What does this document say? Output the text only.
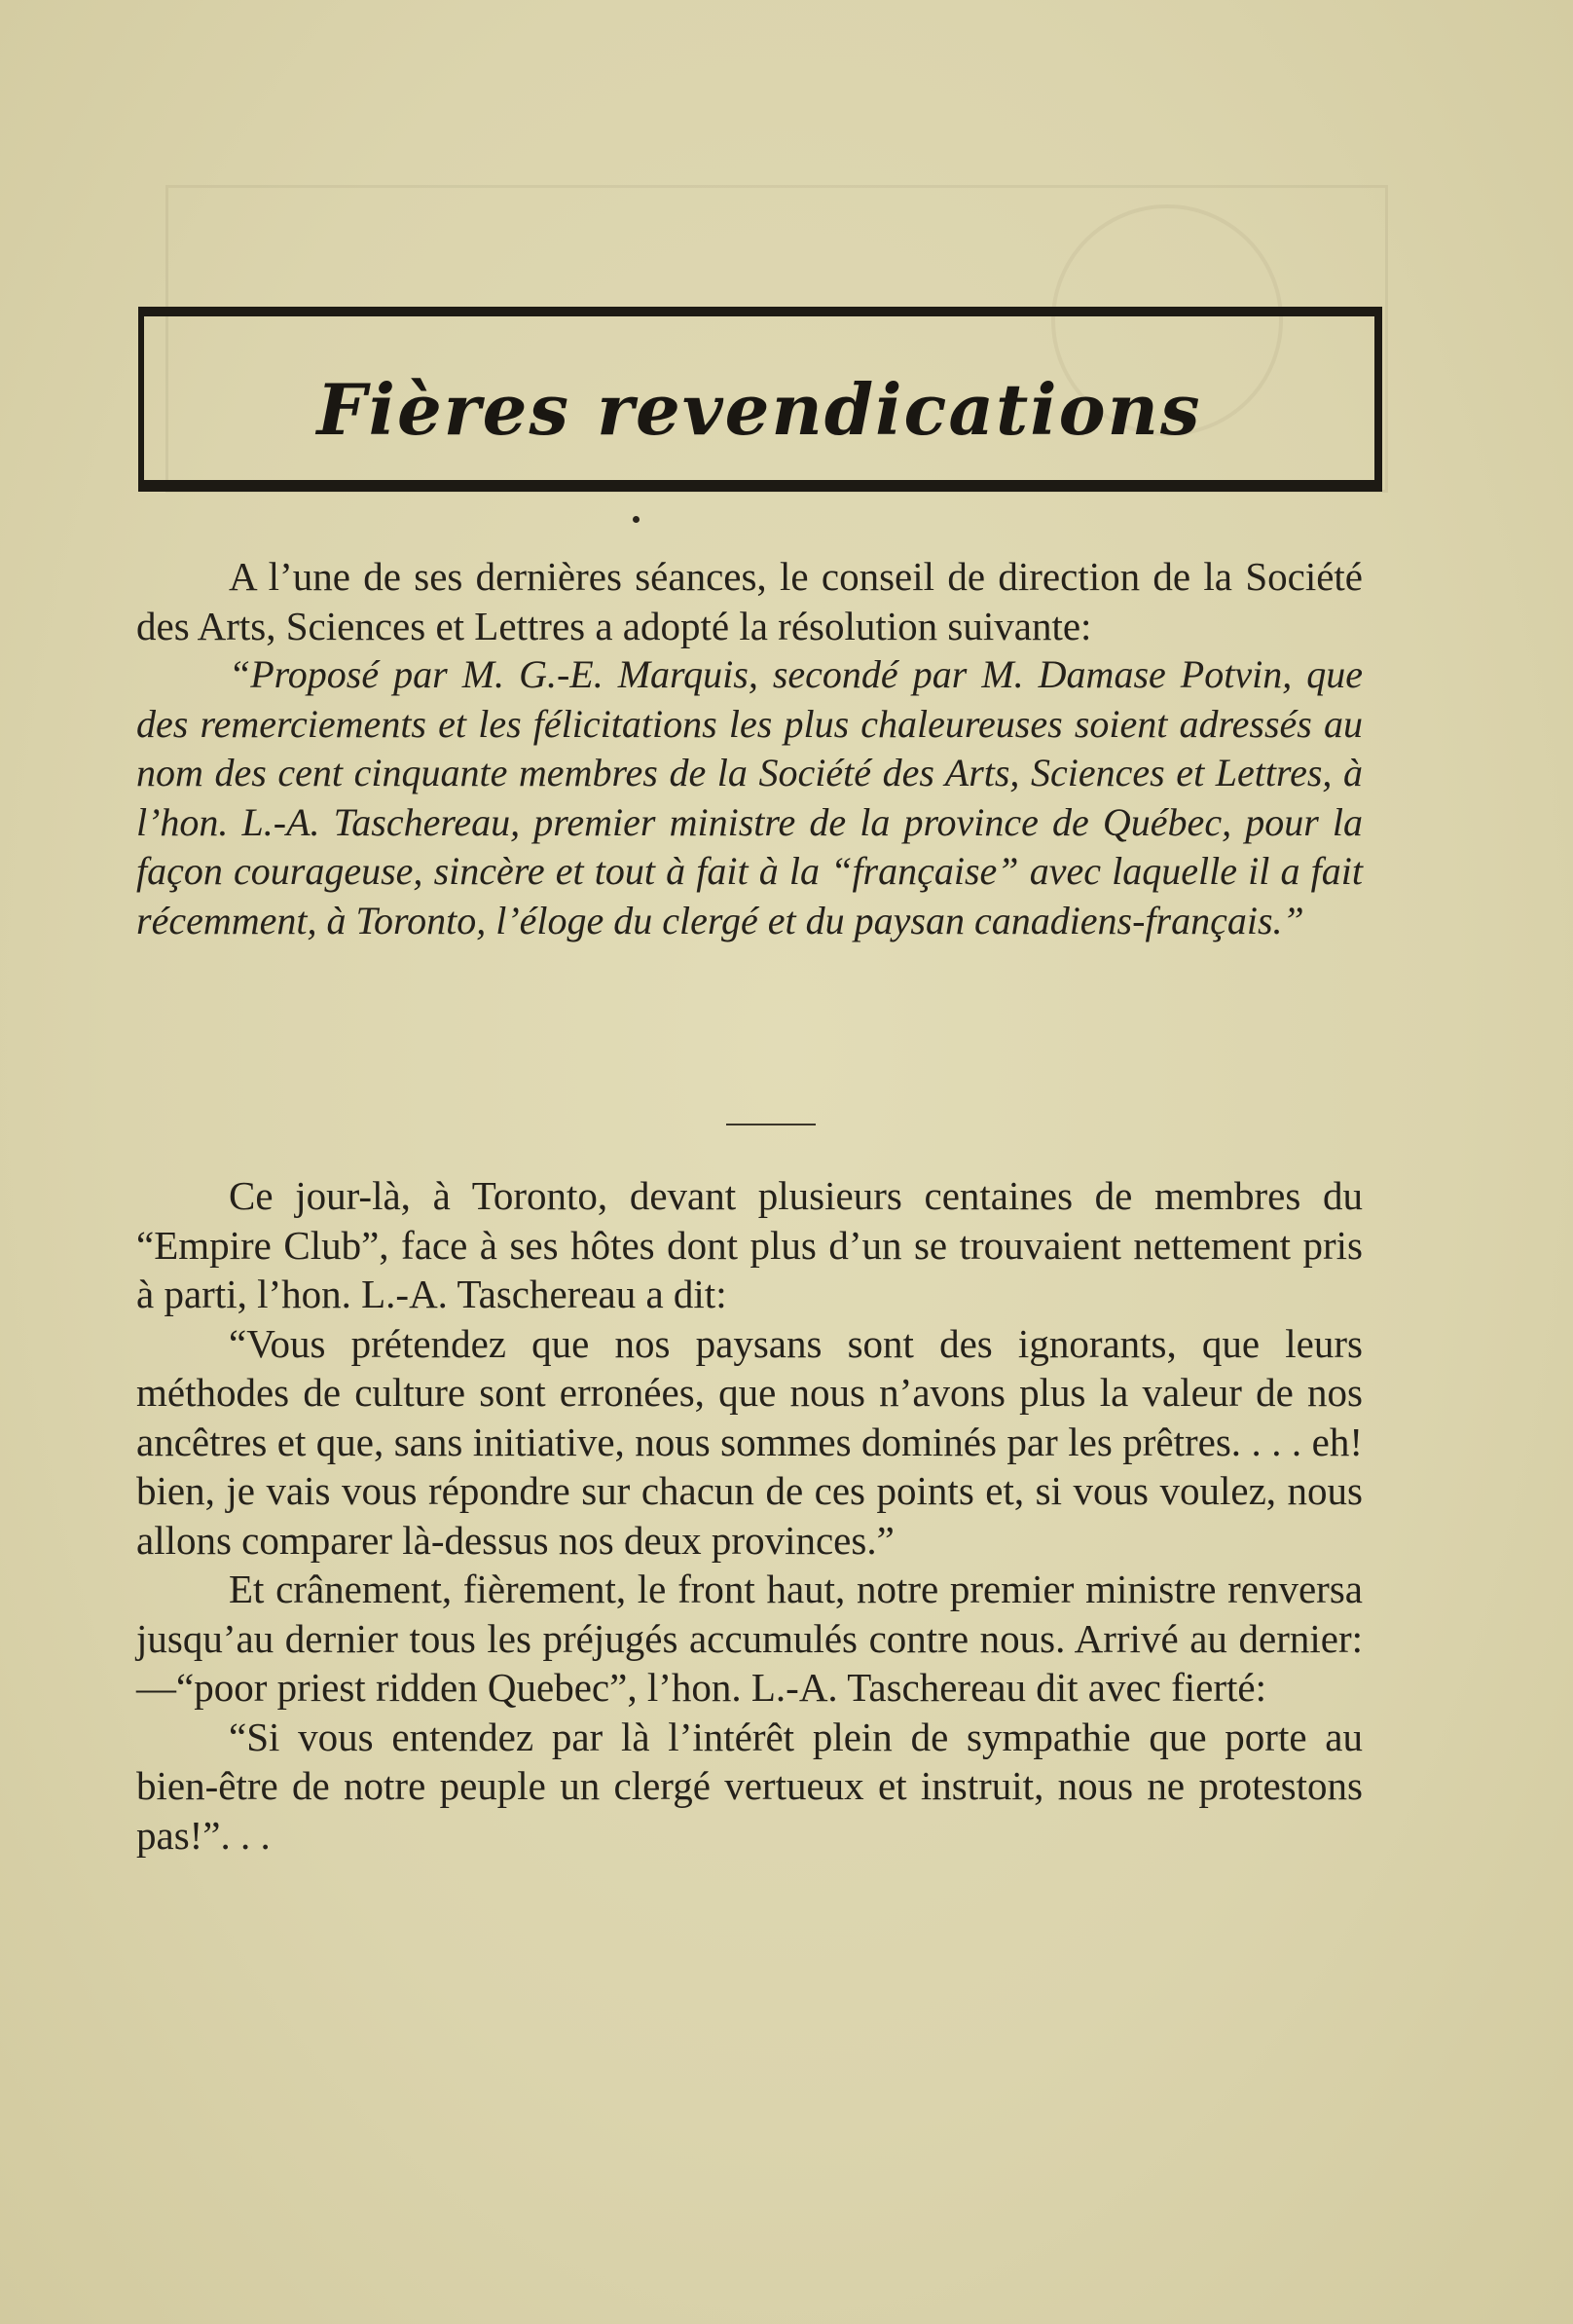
Fières revendications

A l’une de ses dernières séances, le conseil de direction de la Société des Arts, Sciences et Lettres a adopté la résolution suivante:

“Proposé par M. G.-E. Marquis, secondé par M. Damase Potvin, que des remerciements et les félicitations les plus chaleureuses soient adressés au nom des cent cinquante membres de la Société des Arts, Sciences et Lettres, à l’hon. L.-A. Taschereau, premier ministre de la province de Québec, pour la façon courageuse, sincère et tout à fait à la “française” avec laquelle il a fait récemment, à Toronto, l’éloge du clergé et du paysan canadiens-français.”

Ce jour-là, à Toronto, devant plusieurs centaines de membres du “Empire Club”, face à ses hôtes dont plus d’un se trouvaient nettement pris à parti, l’hon. L.-A. Taschereau a dit:

“Vous prétendez que nos paysans sont des ignorants, que leurs méthodes de culture sont erronées, que nous n’avons plus la valeur de nos ancêtres et que, sans initiative, nous sommes dominés par les prêtres. . . . eh! bien, je vais vous répondre sur chacun de ces points et, si vous voulez, nous allons comparer là-dessus nos deux provinces.”

Et crânement, fièrement, le front haut, notre premier ministre renversa jusqu’au dernier tous les préjugés accumulés contre nous. Arrivé au dernier:—“poor priest ridden Quebec”, l’hon. L.-A. Taschereau dit avec fierté:

“Si vous entendez par là l’intérêt plein de sympathie que porte au bien-être de notre peuple un clergé vertueux et instruit, nous ne protestons pas!”. . .
